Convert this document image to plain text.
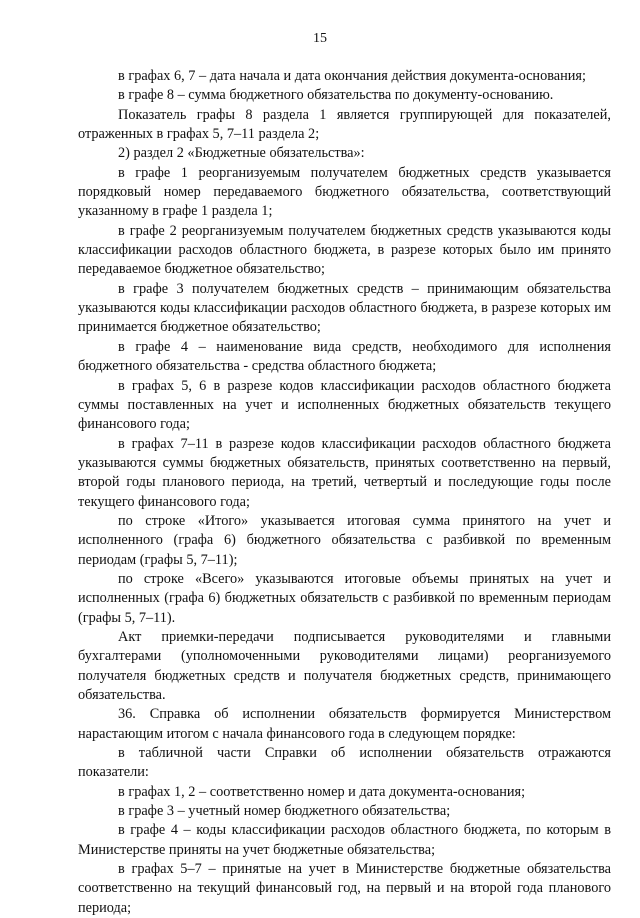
15

в графах 6, 7 – дата начала и дата окончания действия документа-основания;

в графе 8 – сумма бюджетного обязательства по документу-основанию.

Показатель графы 8 раздела 1 является группирующей для показателей, отраженных в графах 5, 7–11 раздела 2;

2) раздел 2 «Бюджетные обязательства»:

в графе 1 реорганизуемым получателем бюджетных средств указывается порядковый номер передаваемого бюджетного обязательства, соответствующий указанному в графе 1 раздела 1;

в графе 2 реорганизуемым получателем бюджетных средств указываются коды классификации расходов областного бюджета, в разрезе которых было им принято передаваемое бюджетное обязательство;

в графе 3 получателем бюджетных средств – принимающим обязательства указываются коды классификации расходов областного бюджета, в разрезе которых им принимается бюджетное обязательство;

в графе 4 – наименование вида средств, необходимого для исполнения бюджетного обязательства - средства областного бюджета;

в графах 5, 6 в разрезе кодов классификации расходов областного бюджета суммы поставленных на учет и исполненных бюджетных обязательств текущего финансового года;

в графах 7–11 в разрезе кодов классификации расходов областного бюджета указываются суммы бюджетных обязательств, принятых соответственно на первый, второй годы планового периода, на третий, четвертый и последующие годы после текущего финансового года;

по строке «Итого» указывается итоговая сумма принятого на учет и исполненного (графа 6) бюджетного обязательства с разбивкой по временным периодам (графы 5, 7–11);

по строке «Всего» указываются итоговые объемы принятых на учет и исполненных (графа 6) бюджетных обязательств с разбивкой по временным периодам (графы 5, 7–11).

Акт приемки-передачи подписывается руководителями и главными бухгалтерами (уполномоченными руководителями лицами) реорганизуемого получателя бюджетных средств и получателя бюджетных средств, принимающего обязательства.

36. Справка об исполнении обязательств формируется Министерством нарастающим итогом с начала финансового года в следующем порядке:

в табличной части Справки об исполнении обязательств отражаются показатели:

в графах 1, 2 – соответственно номер и дата документа-основания;

в графе 3 – учетный номер бюджетного обязательства;

в графе 4 – коды классификации расходов областного бюджета, по которым в Министерстве приняты на учет бюджетные обязательства;

в графах 5–7 – принятые на учет в Министерстве бюджетные обязательства соответственно на текущий финансовый год, на первый и на второй года планового периода;
